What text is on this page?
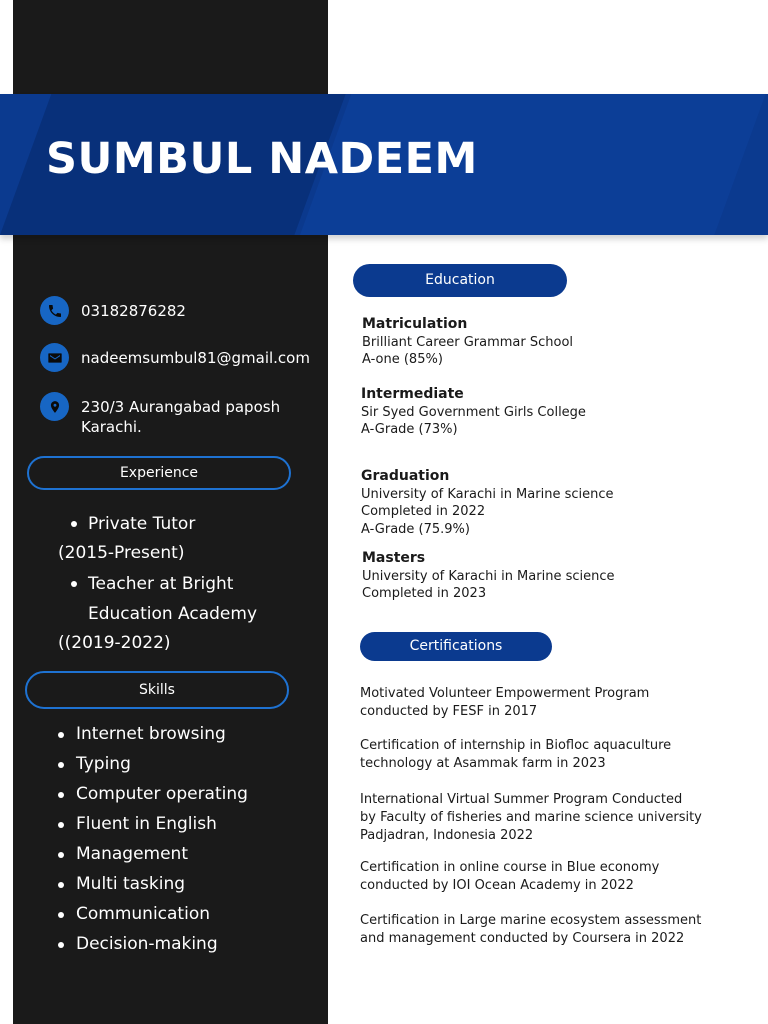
SUMBUL NADEEM
03182876282
nadeemsumbul81@gmail.com
230/3 Aurangabad paposh
Karachi.
Experience
Private Tutor
(2015-Present)
Teacher at Bright
Education Academy
((2019-2022)
Skills
Internet browsing
Typing
Computer operating
Fluent in English
Management
Multi tasking
Communication
Decision-making
Education
Matriculation
Brilliant Career Grammar School
A-one (85%)
Intermediate
Sir Syed Government Girls College
A-Grade (73%)
Graduation
University of Karachi in Marine science
Completed in 2022
A-Grade (75.9%)
Masters
University of Karachi in Marine science
Completed in 2023
Certifications
Motivated Volunteer Empowerment Program
conducted by FESF in 2017
Certification of internship in Biofloc aquaculture
technology at Asammak farm in 2023
International Virtual Summer Program Conducted
by Faculty of fisheries and marine science university
Padjadran, Indonesia 2022
Certification in online course in Blue economy
conducted by IOI Ocean Academy in 2022
Certification in Large marine ecosystem assessment
and management conducted by Coursera in 2022
